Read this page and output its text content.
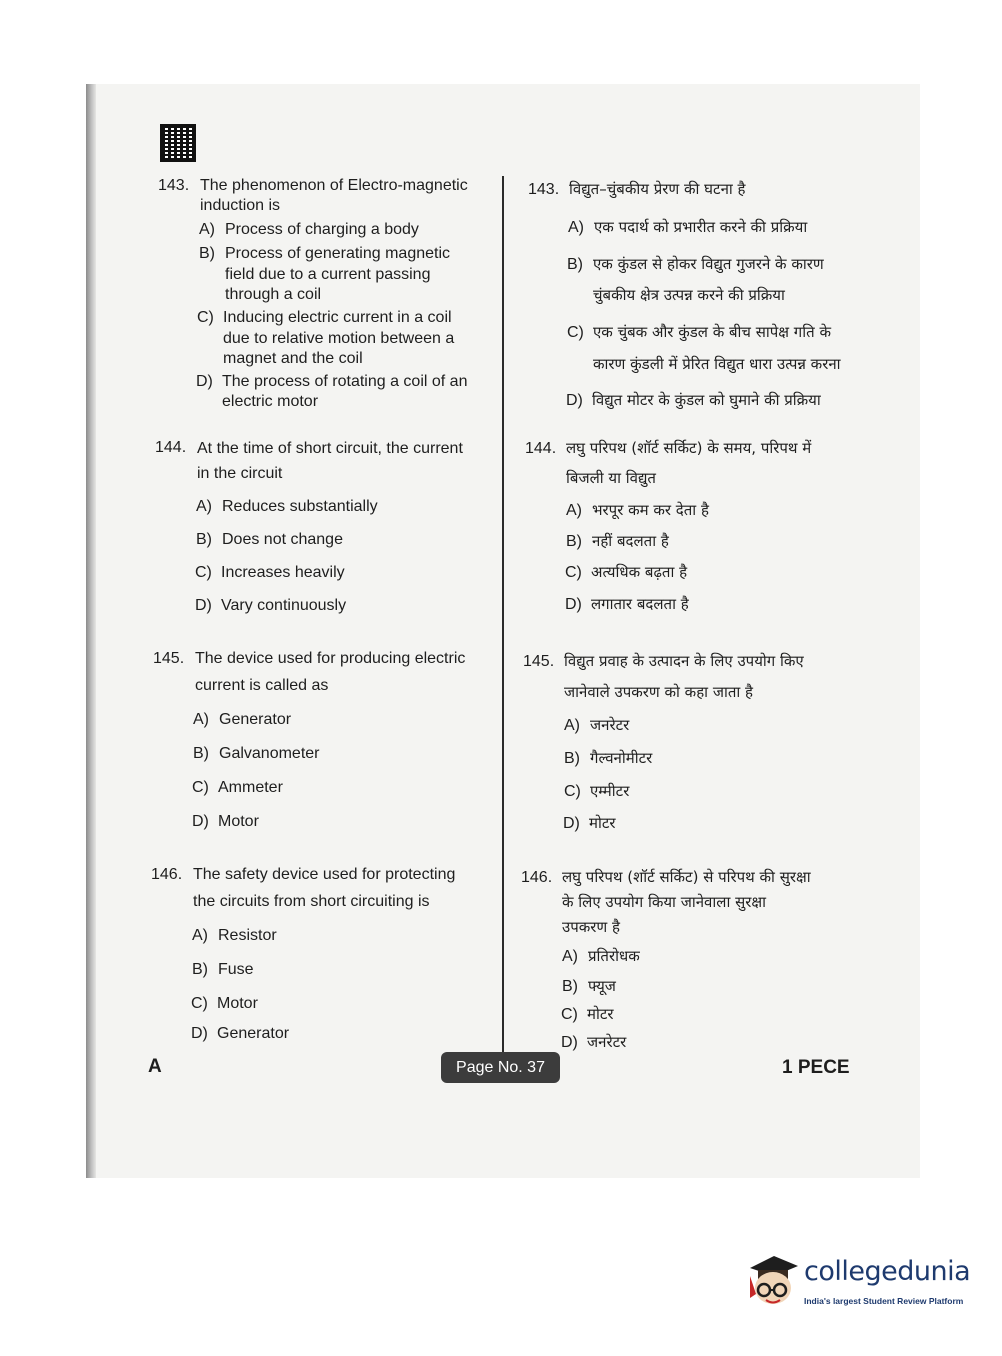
143. The phenomenon of Electro-magnetic
induction is
A) Process of charging a body
B) Process of generating magnetic
field due to a current passing
through a coil
C) Inducing electric current in a coil
due to relative motion between a
magnet and the coil
D) The process of rotating a coil of an
electric motor
144. At the time of short circuit, the current
in the circuit
A) Reduces substantially
B) Does not change
C) Increases heavily
D) Vary continuously
145. The device used for producing electric
current is called as
A) Generator
B) Galvanometer
C) Ammeter
D) Motor
146. The safety device used for protecting
the circuits from short circuiting is
A) Resistor
B) Fuse
C) Motor
D) Generator
143. विद्युत–चुंबकीय प्रेरण की घटना है
A) एक पदार्थ को प्रभारीत करने की प्रक्रिया
B) एक कुंडल से होकर विद्युत गुजरने के कारण
चुंबकीय क्षेत्र उत्पन्न करने की प्रक्रिया
C) एक चुंबक और कुंडल के बीच सापेक्ष गति के
कारण कुंडली में प्रेरित विद्युत धारा उत्पन्न करना
D) विद्युत मोटर के कुंडल को घुमाने की प्रक्रिया
144. लघु परिपथ (शॉर्ट सर्किट) के समय, परिपथ में
बिजली या विद्युत
A) भरपूर कम कर देता है
B) नहीं बदलता है
C) अत्यधिक बढ़ता है
D) लगातार बदलता है
145. विद्युत प्रवाह के उत्पादन के लिए उपयोग किए
जानेवाले उपकरण को कहा जाता है
A) जनरेटर
B) गैल्वनोमीटर
C) एम्मीटर
D) मोटर
146. लघु परिपथ (शॉर्ट सर्किट) से परिपथ की सुरक्षा
के लिए उपयोग किया जानेवाला सुरक्षा
उपकरण है
A) प्रतिरोधक
B) फ्यूज
C) मोटर
D) जनरेटर
A	Page No. 37	1 PECE
collegedunia
India's largest Student Review Platform
